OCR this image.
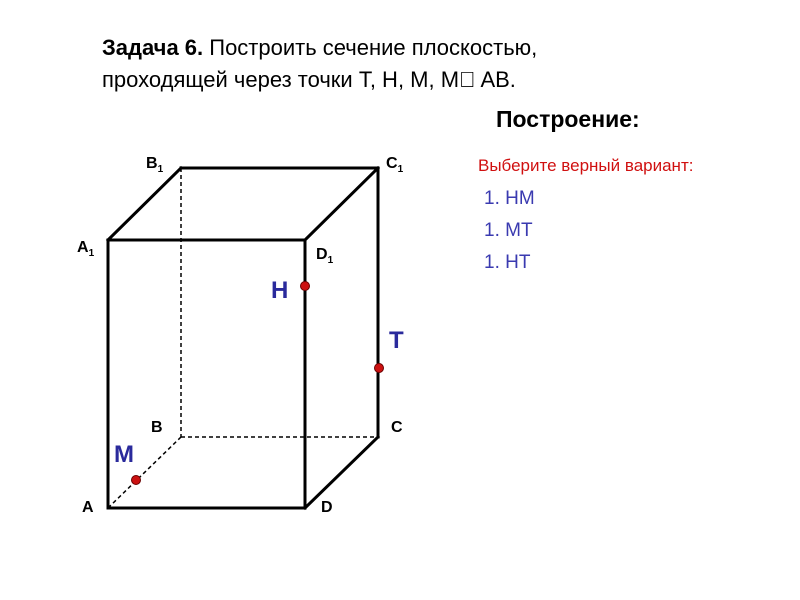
Задача 6. Построить сечение плоскостью,
проходящей через точки T, H, M, M  AB.
Построение:
Выберите верный вариант:
1. НМ
1. МТ
1. НТ
$B_1$	$C_1$
$A_1$	$D_1$
B	C
A	D
H
T
M
